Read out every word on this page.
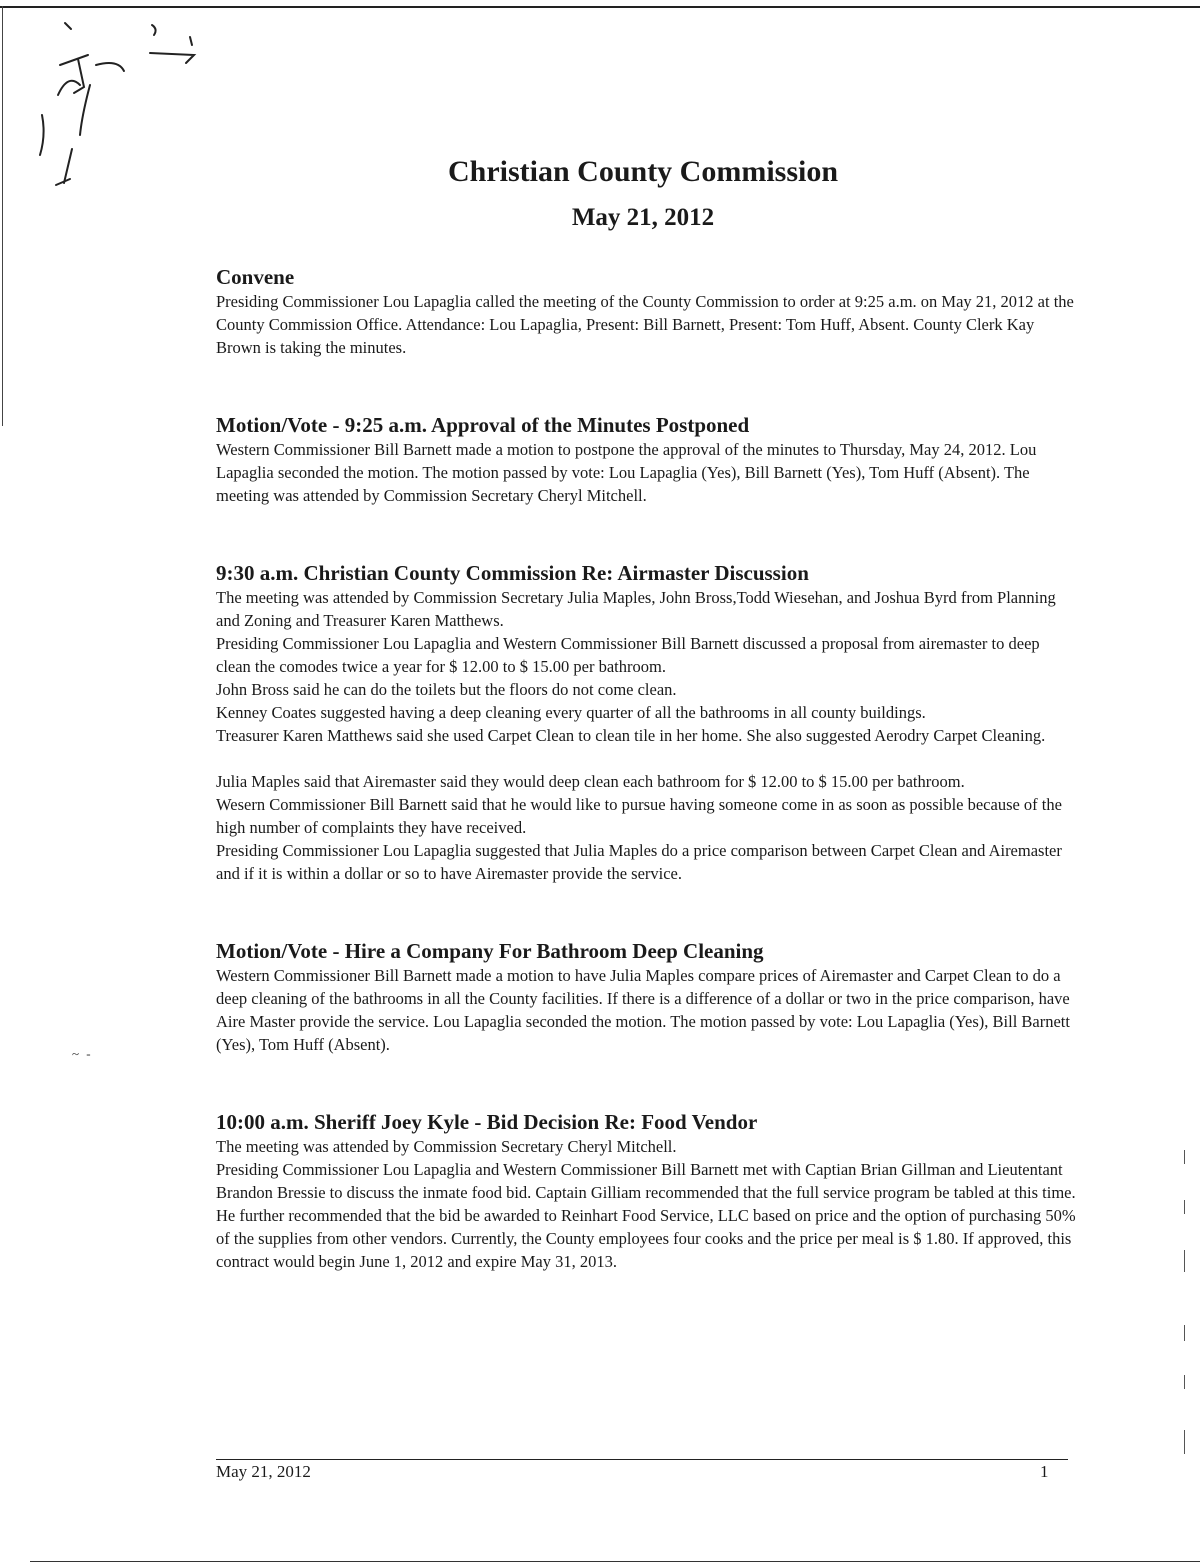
~ -
Christian County Commission
May 21, 2012
Convene

Presiding Commissioner Lou Lapaglia called the meeting of the County Commission to order at 9:25 a.m. on May 21, 2012 at the County Commission Office. Attendance: Lou Lapaglia, Present: Bill Barnett, Present: Tom Huff, Absent. County Clerk Kay Brown is taking the minutes.

Motion/Vote - 9:25 a.m. Approval of the Minutes Postponed

Western Commissioner Bill Barnett made a motion to postpone the approval of the minutes to Thursday, May 24, 2012. Lou Lapaglia seconded the motion. The motion passed by vote: Lou Lapaglia (Yes), Bill Barnett (Yes), Tom Huff (Absent). The meeting was attended by Commission Secretary Cheryl Mitchell.

9:30 a.m. Christian County Commission Re: Airmaster Discussion

The meeting was attended by Commission Secretary Julia Maples, John Bross,Todd Wiesehan, and Joshua Byrd from Planning and Zoning and Treasurer Karen Matthews.

Presiding Commissioner Lou Lapaglia and Western Commissioner Bill Barnett discussed a proposal from airemaster to deep clean the comodes twice a year for $ 12.00 to $ 15.00 per bathroom.

John Bross said he can do the toilets but the floors do not come clean.

Kenney Coates suggested having a deep cleaning every quarter of all the bathrooms in all county buildings.

Treasurer Karen Matthews said she used Carpet Clean to clean tile in her home. She also suggested Aerodry Carpet Cleaning.

Julia Maples said that Airemaster said they would deep clean each bathroom for $ 12.00 to $ 15.00 per bathroom.

Wesern Commissioner Bill Barnett said that he would like to pursue having someone come in as soon as possible because of the high number of complaints they have received.

Presiding Commissioner Lou Lapaglia suggested that Julia Maples do a price comparison between Carpet Clean and Airemaster and if it is within a dollar or so to have Airemaster provide the service.

Motion/Vote - Hire a Company For Bathroom Deep Cleaning

Western Commissioner Bill Barnett made a motion to have Julia Maples compare prices of Airemaster and Carpet Clean to do a deep cleaning of the bathrooms in all the County facilities. If there is a difference of a dollar or two in the price comparison, have Aire Master provide the service. Lou Lapaglia seconded the motion. The motion passed by vote: Lou Lapaglia (Yes), Bill Barnett (Yes), Tom Huff (Absent).

10:00 a.m. Sheriff Joey Kyle - Bid Decision Re: Food Vendor

The meeting was attended by Commission Secretary Cheryl Mitchell.

Presiding Commissioner Lou Lapaglia and Western Commissioner Bill Barnett met with Captian Brian Gillman and Lieutentant Brandon Bressie to discuss the inmate food bid. Captain Gilliam recommended that the full service program be tabled at this time. He further recommended that the bid be awarded to Reinhart Food Service, LLC based on price and the option of purchasing 50% of the supplies from other vendors. Currently, the County employees four cooks and the price per meal is $ 1.80. If approved, this contract would begin June 1, 2012 and expire May 31, 2013.

May 21, 2012	1
